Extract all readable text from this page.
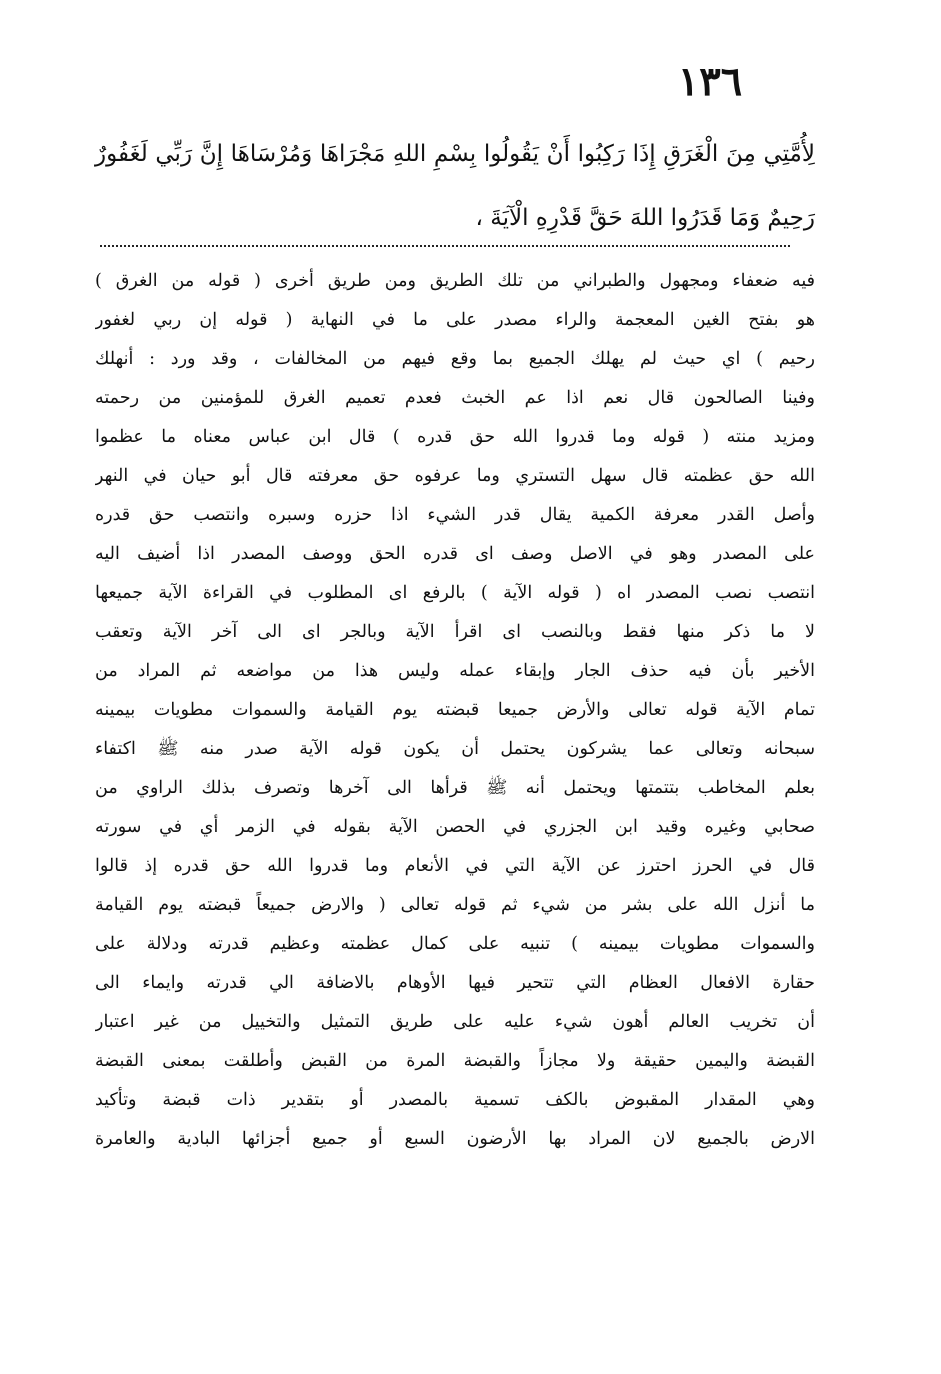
١٣٦
لِأُمَّتِي مِنَ الْغَرَقِ إِذَا رَكِبُوا أَنْ يَقُولُوا بِسْمِ اللهِ مَجْرَاهَا وَمُرْسَاهَا إِنَّ رَبِّي لَغَفُورٌ رَحِيمٌ وَمَا قَدَرُوا اللهَ حَقَّ قَدْرِهِ الْآيَةَ ،
فيه ضعفاء ومجهول والطبراني من تلك الطريق ومن طريق أخرى ( قوله من الغرق )
هو بفتح الغين المعجمة والراء مصدر على ما في النهاية ( قوله إن ربي لغفور
رحيم ) اي حيث لم يهلك الجميع بما وقع فيهم من المخالفات ، وقد ورد : أنهلك
وفينا الصالحون قال نعم اذا عم الخبث فعدم تعميم الغرق للمؤمنين من رحمته
ومزيد منته ( قوله وما قدروا الله حق قدره ) قال ابن عباس معناه ما عظموا
الله حق عظمته قال سهل التستري وما عرفوه حق معرفته قال أبو حيان في النهر
وأصل القدر معرفة الكمية يقال قدر الشيء اذا حزره وسبره وانتصب حق قدره
على المصدر وهو في الاصل وصف اى قدره الحق ووصف المصدر اذا أضيف اليه
انتصب نصب المصدر اه ( قوله الآية ) بالرفع اى المطلوب في القراءة الآية جميعها
لا ما ذكر منها فقط وبالنصب اى اقرأ الآية وبالجر اى الى آخر الآية وتعقب
الأخير بأن فيه حذف الجار وإبقاء عمله وليس هذا من مواضعه ثم المراد من
تمام الآية قوله تعالى والأرض جميعا قبضته يوم القيامة والسموات مطويات بيمينه
سبحانه وتعالى عما يشركون يحتمل أن يكون قوله الآية صدر منه ﷺ اكتفاء
بعلم المخاطب بتتمتها ويحتمل أنه ﷺ قرأها الى آخرها وتصرف بذلك الراوي من
صحابي وغيره وقيد ابن الجزري في الحصن الآية بقوله في الزمر أي في سورته
قال في الحرز احترز عن الآية التي في الأنعام وما قدروا الله حق قدره إذ قالوا
ما أنزل الله على بشر من شيء ثم قوله تعالى ( والارض جميعاً قبضته يوم القيامة
والسموات مطويات بيمينه ) تنبيه على كمال عظمته وعظيم قدرته ودلالة على
حقارة الافعال العظام التي تتحير فيها الأوهام بالاضافة الي قدرته وايماء الى
أن تخريب العالم أهون شيء عليه على طريق التمثيل والتخييل من غير اعتبار
القبضة واليمين حقيقة ولا مجازاً والقبضة المرة من القبض وأطلقت بمعنى القبضة
وهي المقدار المقبوض بالكف تسمية بالمصدر أو بتقدير ذات قبضة وتأكيد
الارض بالجميع لان المراد بها الأرضون السبع أو جميع أجزائها البادية والعامرة
